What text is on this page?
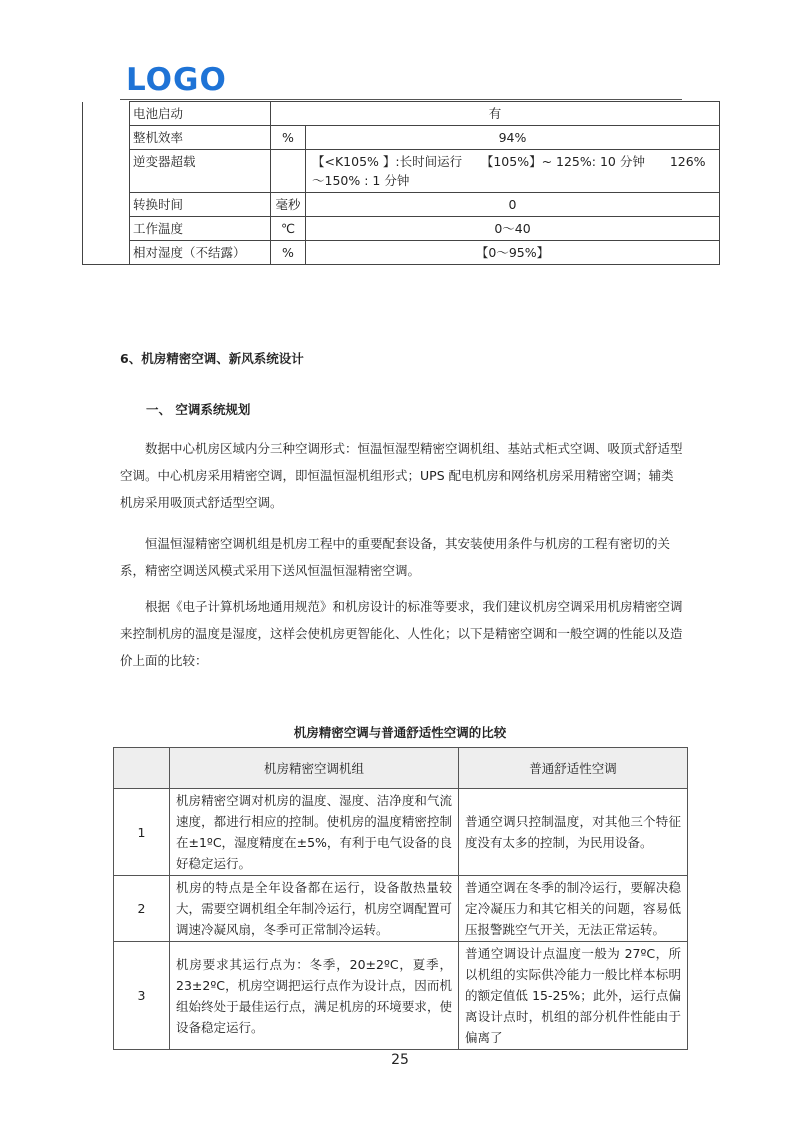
LOGO
	电池启动	有	
	整机效率	%	94%
	逆变器超载		【<K105% 】:长时间运行　　【105%】~ 125%: 10 分钟　　126%～150% : 1 分钟
	转换时间	毫秒	0
	工作温度	℃	0～40
	相对湿度（不结露）	%	【0～95%】
6、机房精密空调、新风系统设计
一、 空调系统规划

数据中心机房区域内分三种空调形式：恒温恒湿型精密空调机组、基站式柜式空调、吸顶式舒适型空调。中心机房采用精密空调，即恒温恒湿机组形式；UPS 配电机房和网络机房采用精密空调；辅类机房采用吸顶式舒适型空调。

恒温恒湿精密空调机组是机房工程中的重要配套设备，其安装使用条件与机房的工程有密切的关系，精密空调送风模式采用下送风恒温恒湿精密空调。

根据《电子计算机场地通用规范》和机房设计的标准等要求，我们建议机房空调采用机房精密空调来控制机房的温度是湿度，这样会使机房更智能化、人性化；以下是精密空调和一般空调的性能以及造价上面的比较：

机房精密空调与普通舒适性空调的比较
	机房精密空调机组	普通舒适性空调
1	机房精密空调对机房的温度、湿度、洁净度和气流速度，都进行相应的控制。使机房的温度精密控制在±1ºC，湿度精度在±5%，有利于电气设备的良好稳定运行。	普通空调只控制温度，对其他三个特征度没有太多的控制，为民用设备。
2	机房的特点是全年设备都在运行，设备散热量较大，需要空调机组全年制冷运行，机房空调配置可调速冷凝风扇，冬季可正常制冷运转。	普通空调在冬季的制冷运行，要解决稳定冷凝压力和其它相关的问题，容易低压报警跳空气开关，无法正常运转。
3	机房要求其运行点为：冬季，20±2ºC，夏季，23±2ºC，机房空调把运行点作为设计点，因而机组始终处于最佳运行点，满足机房的环境要求，使设备稳定运行。	普通空调设计点温度一般为 27ºC，所以机组的实际供冷能力一般比样本标明的额定值低 15-25%；此外，运行点偏离设计点时，机组的部分机件性能由于偏离了
25
